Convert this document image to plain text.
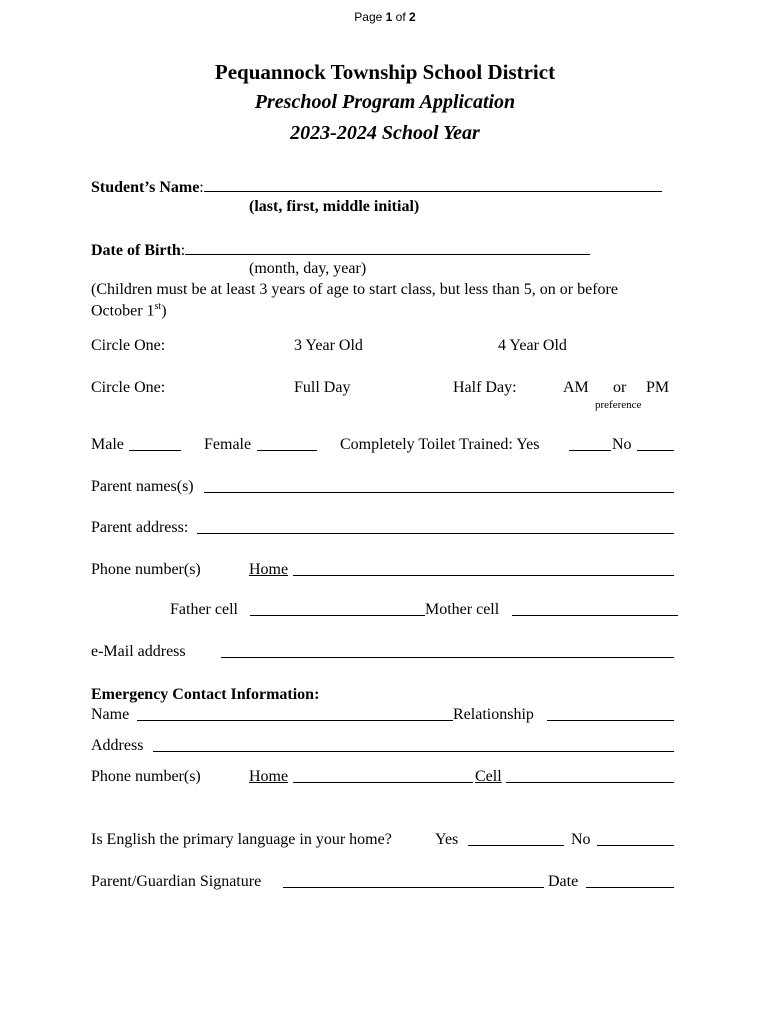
Page 1 of 2
Pequannock Township School District
Preschool Program Application
2023-2024 School Year
Student’s Name:
(last, first, middle initial)
Date of Birth:
(month, day, year)
(Children must be at least 3 years of age to start class, but less than 5, on or before
October 1st)
Circle One:	3 Year Old	4 Year Old
Circle One:	Full Day	Half Day:	AM or PM
preference
Male	Female	Completely Toilet Trained: Yes	No
Parent names(s)
Parent address:
Phone number(s)	Home
Father cell	Mother cell
e-Mail address
Emergency Contact Information:
Name	Relationship
Address
Phone number(s)	Home	Cell
Is English the primary language in your home?	Yes	No
Parent/Guardian Signature	Date
